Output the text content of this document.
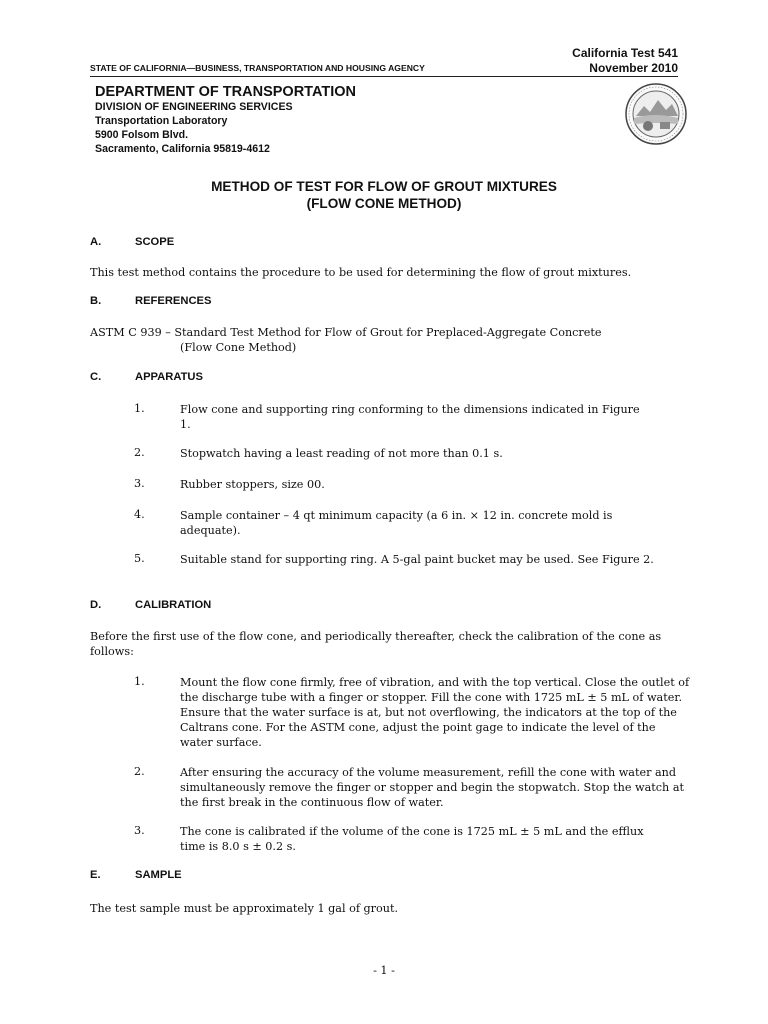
California Test 541
November 2010
STATE OF CALIFORNIA—BUSINESS, TRANSPORTATION AND HOUSING AGENCY
DEPARTMENT OF TRANSPORTATION
DIVISION OF ENGINEERING SERVICES
Transportation Laboratory
5900 Folsom Blvd.
Sacramento, California 95819-4612
METHOD OF TEST FOR FLOW OF GROUT MIXTURES
(FLOW CONE METHOD)
A.	SCOPE
This test method contains the procedure to be used for determining the flow of grout mixtures.
B.	REFERENCES
ASTM C 939 – Standard Test Method for Flow of Grout for Preplaced-Aggregate Concrete
(Flow Cone Method)
C.	APPARATUS
1.	Flow cone and supporting ring conforming to the dimensions indicated in Figure 1.
2.	Stopwatch having a least reading of not more than 0.1 s.
3.	Rubber stoppers, size 00.
4.	Sample container – 4 qt minimum capacity (a 6 in. × 12 in. concrete mold is adequate).
5.	Suitable stand for supporting ring. A 5-gal paint bucket may be used. See Figure 2.
D.	CALIBRATION
Before the first use of the flow cone, and periodically thereafter, check the calibration of the cone as follows:
1.	Mount the flow cone firmly, free of vibration, and with the top vertical. Close the outlet of the discharge tube with a finger or stopper. Fill the cone with 1725 mL ± 5 mL of water. Ensure that the water surface is at, but not overflowing, the indicators at the top of the Caltrans cone. For the ASTM cone, adjust the point gage to indicate the level of the water surface.
2.	After ensuring the accuracy of the volume measurement, refill the cone with water and simultaneously remove the finger or stopper and begin the stopwatch. Stop the watch at the first break in the continuous flow of water.
3.	The cone is calibrated if the volume of the cone is 1725 mL ± 5 mL and the efflux time is 8.0 s ± 0.2 s.
E.	SAMPLE
The test sample must be approximately 1 gal of grout.
- 1 -
